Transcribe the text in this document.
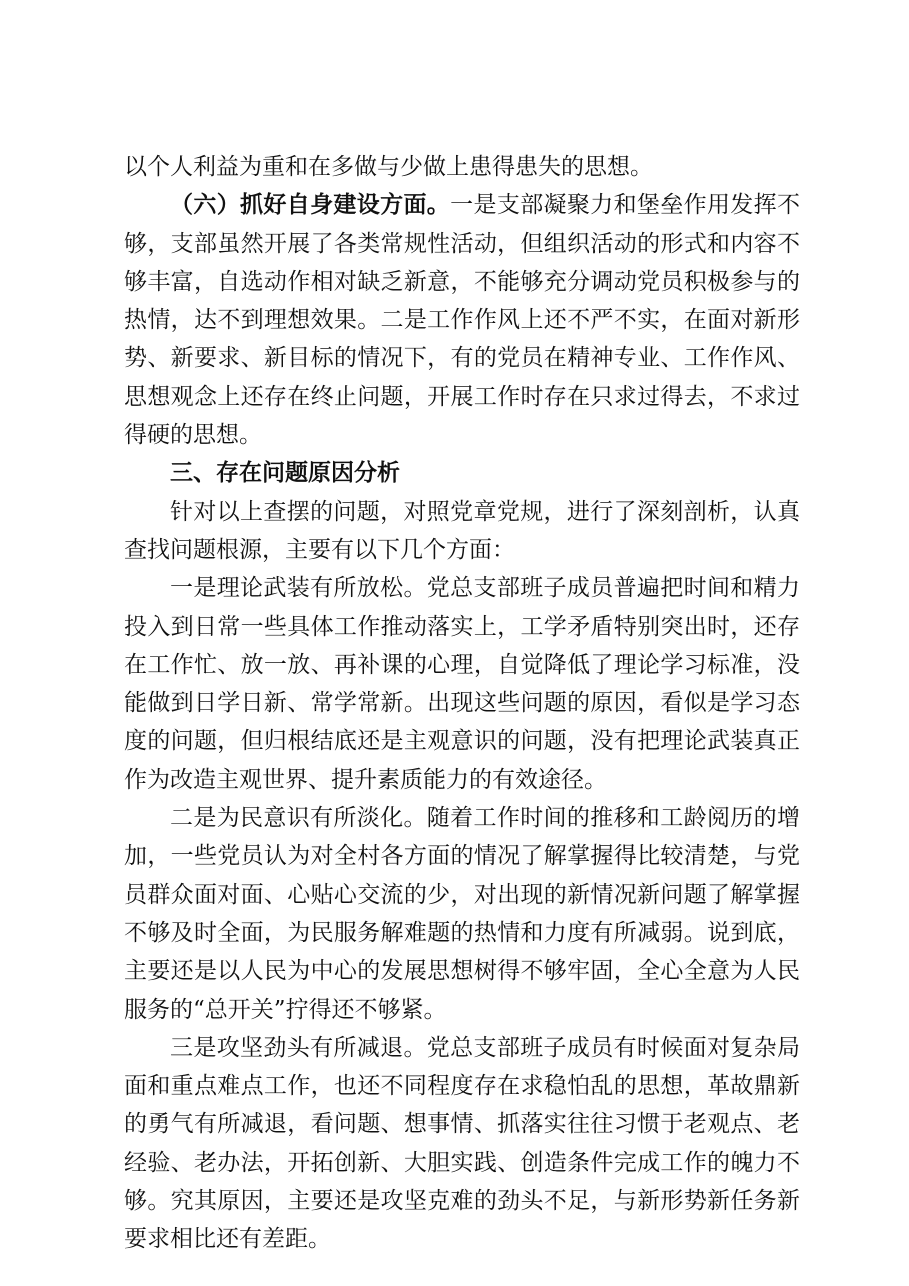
以个人利益为重和在多做与少做上患得患失的思想。

（六）抓好自身建设方面。一是支部凝聚力和堡垒作用发挥不够，支部虽然开展了各类常规性活动，但组织活动的形式和内容不够丰富，自选动作相对缺乏新意，不能够充分调动党员积极参与的热情，达不到理想效果。二是工作作风上还不严不实，在面对新形势、新要求、新目标的情况下，有的党员在精神专业、工作作风、思想观念上还存在终止问题，开展工作时存在只求过得去，不求过得硬的思想。

三、存在问题原因分析

针对以上查摆的问题，对照党章党规，进行了深刻剖析，认真查找问题根源，主要有以下几个方面：

一是理论武装有所放松。党总支部班子成员普遍把时间和精力投入到日常一些具体工作推动落实上，工学矛盾特别突出时，还存在工作忙、放一放、再补课的心理，自觉降低了理论学习标准，没能做到日学日新、常学常新。出现这些问题的原因，看似是学习态度的问题，但归根结底还是主观意识的问题，没有把理论武装真正作为改造主观世界、提升素质能力的有效途径。

二是为民意识有所淡化。随着工作时间的推移和工龄阅历的增加，一些党员认为对全村各方面的情况了解掌握得比较清楚，与党员群众面对面、心贴心交流的少，对出现的新情况新问题了解掌握不够及时全面，为民服务解难题的热情和力度有所减弱。说到底，主要还是以人民为中心的发展思想树得不够牢固，全心全意为人民服务的“总开关”拧得还不够紧。

三是攻坚劲头有所减退。党总支部班子成员有时候面对复杂局面和重点难点工作，也还不同程度存在求稳怕乱的思想，革故鼎新的勇气有所减退，看问题、想事情、抓落实往往习惯于老观点、老经验、老办法，开拓创新、大胆实践、创造条件完成工作的魄力不够。究其原因，主要还是攻坚克难的劲头不足，与新形势新任务新要求相比还有差距。
